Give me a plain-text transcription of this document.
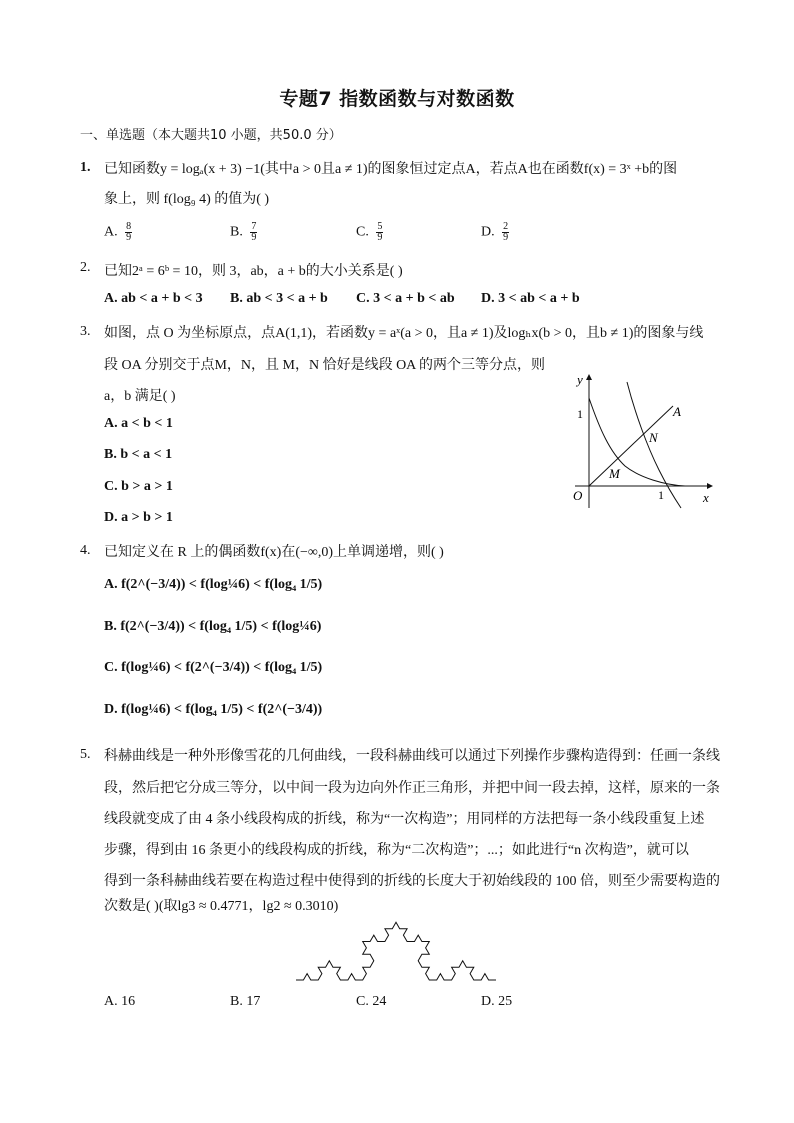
专题7 指数函数与对数函数
一、单选题（本大题共10 小题，共50.0 分）
1. 已知函数y = logₐ(x + 3) −1(其中a > 0且a ≠ 1)的图象恒过定点A，若点A也在函数f(x) = 3ˣ +b的图
象上，则 f(log₉ 4) 的值为( )
A. $\frac{8}{9}$	B. $\frac{7}{9}$	C. $\frac{5}{9}$	D. $\frac{2}{9}$
2. 已知2ᵃ = 6ᵇ = 10，则 3，ab，a + b的大小关系是( )
A. ab < a + b < 3 B. ab < 3 < a + b C. 3 < a + b < ab D. 3 < ab < a + b
3. 如图，点 O 为坐标原点，点A(1,1)，若函数y = aˣ(a > 0，且a ≠ 1)及logₕx(b > 0，且b ≠ 1)的图象与线
段 OA 分别交于点M，N，且 M，N 恰好是线段 OA 的两个三等分点，则
a，b 满足( )
A. a < b < 1
B. b < a < 1
C. b > a > 1
D. a > b > 1
y
x
O
1
1
A
N
M
4. 已知定义在 R 上的偶函数f(x)在(−∞,0)上单调递增，则( )
A. f(2^(−3/4)) < f(log¼6) < f(log₄ 1/5)
B. f(2^(−3/4)) < f(log₄ 1/5) < f(log¼6)
C. f(log¼6) < f(2^(−3/4)) < f(log₄ 1/5)
D. f(log¼6) < f(log₄ 1/5) < f(2^(−3/4))
5. 科赫曲线是一种外形像雪花的几何曲线，一段科赫曲线可以通过下列操作步骤构造得到：任画一条线
段，然后把它分成三等分，以中间一段为边向外作正三角形，并把中间一段去掉，这样，原来的一条
线段就变成了由 4 条小线段构成的折线，称为“一次构造”；用同样的方法把每一条小线段重复上述
步骤，得到由 16 条更小的线段构成的折线，称为“二次构造”；...；如此进行“n 次构造”，就可以
得到一条科赫曲线若要在构造过程中使得到的折线的长度大于初始线段的 100 倍，则至少需要构造的
次数是( )(取lg3 ≈ 0.4771，lg2 ≈ 0.3010)
A. 16	B. 17	C. 24	D. 25
